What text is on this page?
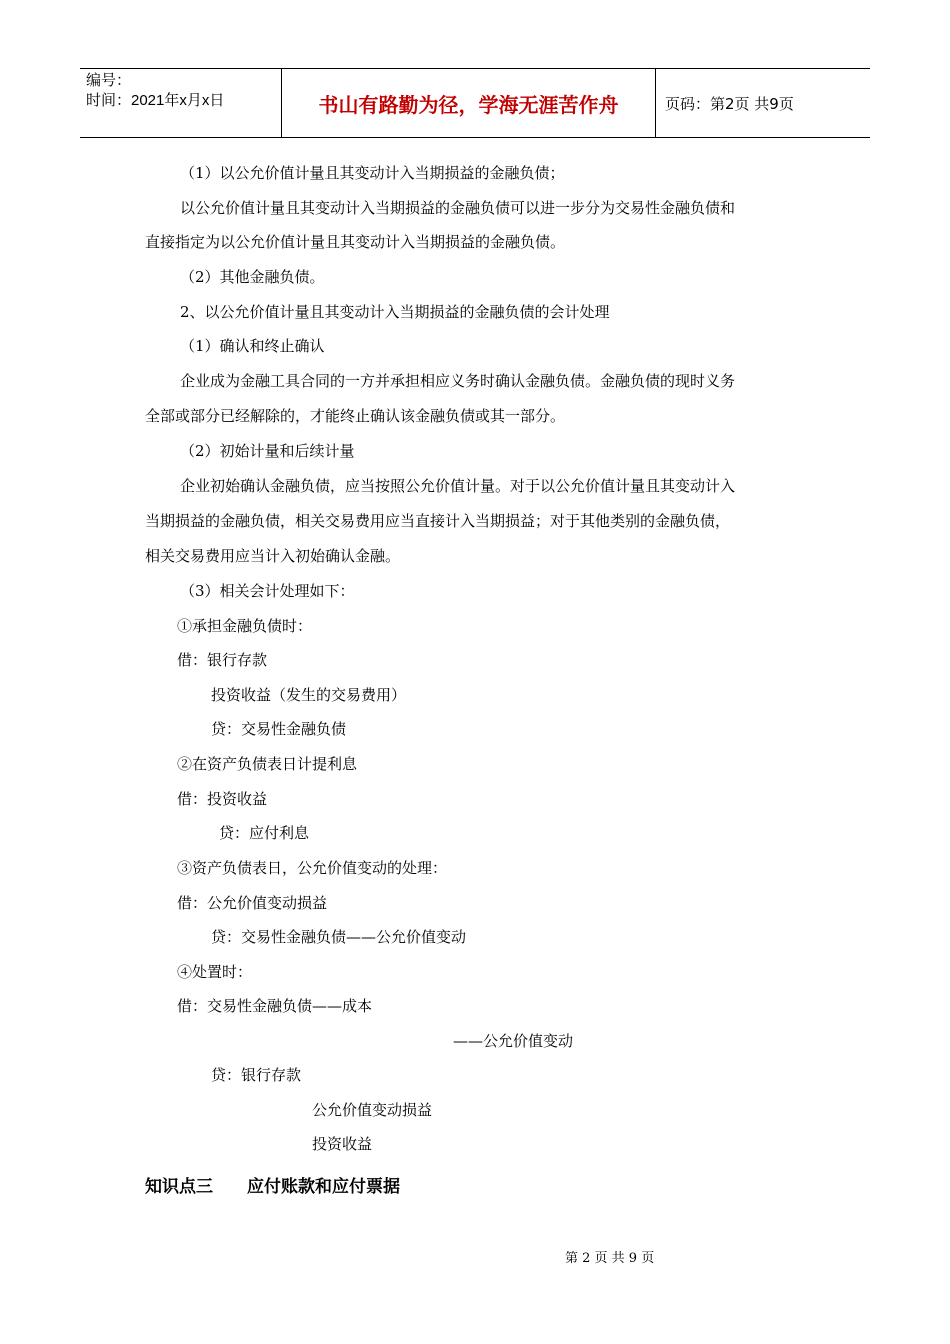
编号：
时间：2021年x月x日	书山有路勤为径，学海无涯苦作舟	页码：第2页 共9页
（1）以公允价值计量且其变动计入当期损益的金融负债；
以公允价值计量且其变动计入当期损益的金融负债可以进一步分为交易性金融负债和
直接指定为以公允价值计量且其变动计入当期损益的金融负债。
（2）其他金融负债。
2、以公允价值计量且其变动计入当期损益的金融负债的会计处理
（1）确认和终止确认
企业成为金融工具合同的一方并承担相应义务时确认金融负债。金融负债的现时义务
全部或部分已经解除的，才能终止确认该金融负债或其一部分。
（2）初始计量和后续计量
企业初始确认金融负债，应当按照公允价值计量。对于以公允价值计量且其变动计入
当期损益的金融负债，相关交易费用应当直接计入当期损益；对于其他类别的金融负债，
相关交易费用应当计入初始确认金融。
（3）相关会计处理如下：
①承担金融负债时：
借：银行存款
投资收益（发生的交易费用）
贷：交易性金融负债
②在资产负债表日计提利息
借：投资收益
贷：应付利息
③资产负债表日，公允价值变动的处理：
借：公允价值变动损益
贷：交易性金融负债——公允价值变动
④处置时：
借：交易性金融负债——成本
——公允价值变动
贷：银行存款
公允价值变动损益
投资收益
知识点三　　应付账款和应付票据
第 2 页 共 9 页
